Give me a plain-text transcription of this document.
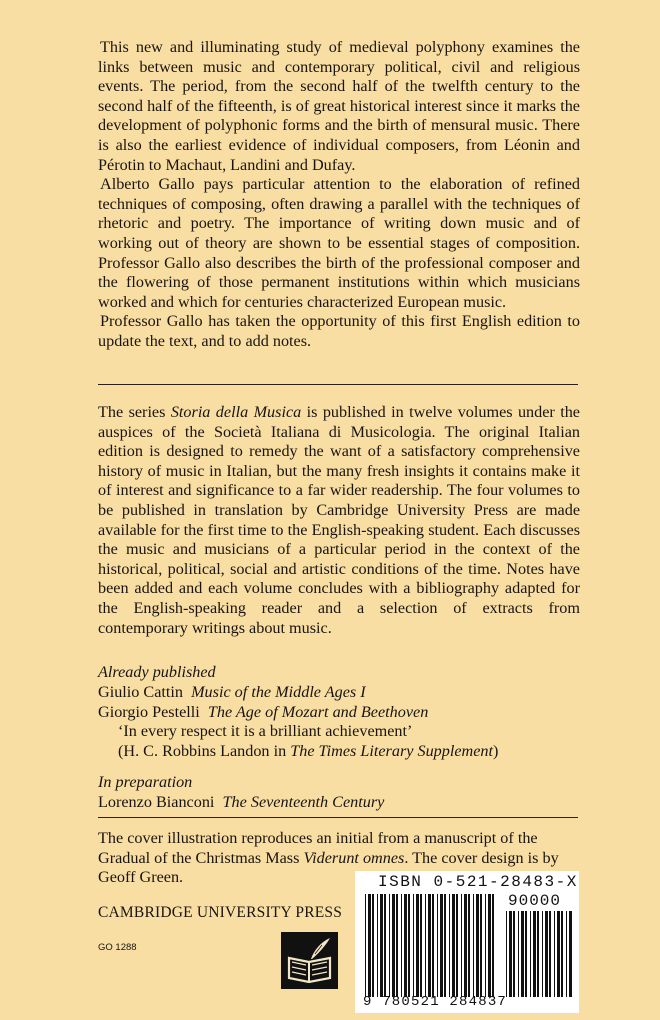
This new and illuminating study of medieval polyphony examines the links between music and contemporary political, civil and religious events. The period, from the second half of the twelfth century to the second half of the fifteenth, is of great historical interest since it marks the development of polyphonic forms and the birth of mensural music. There is also the earliest evidence of individual composers, from Léonin and Pérotin to Machaut, Landini and Dufay.

Alberto Gallo pays particular attention to the elaboration of refined techniques of composing, often drawing a parallel with the techniques of rhetoric and poetry. The importance of writing down music and of working out of theory are shown to be essential stages of composition. Professor Gallo also describes the birth of the professional composer and the flowering of those permanent institutions within which musicians worked and which for centuries characterized European music.

Professor Gallo has taken the opportunity of this first English edition to update the text, and to add notes.

The series Storia della Musica is published in twelve volumes under the auspices of the Società Italiana di Musicologia. The original Italian edition is designed to remedy the want of a satisfactory comprehensive history of music in Italian, but the many fresh insights it contains make it of interest and significance to a far wider readership. The four volumes to be published in translation by Cambridge University Press are made available for the first time to the English-speaking student. Each discusses the music and musicians of a particular period in the context of the historical, political, social and artistic conditions of the time. Notes have been added and each volume concludes with a bibliography adapted for the English-speaking reader and a selection of extracts from contemporary writings about music.

Already published
Giulio Cattin Music of the Middle Ages I
Giorgio Pestelli The Age of Mozart and Beethoven
‘In every respect it is a brilliant achievement’
(H. C. Robbins Landon in The Times Literary Supplement)
In preparation
Lorenzo Bianconi The Seventeenth Century

The cover illustration reproduces an initial from a manuscript of the Gradual of the Christmas Mass Viderunt omnes. The cover design is by Geoff Green.

CAMBRIDGE UNIVERSITY PRESS
GO 1288
ISBN 0-521-28483-X
90000
9 780521 284837
